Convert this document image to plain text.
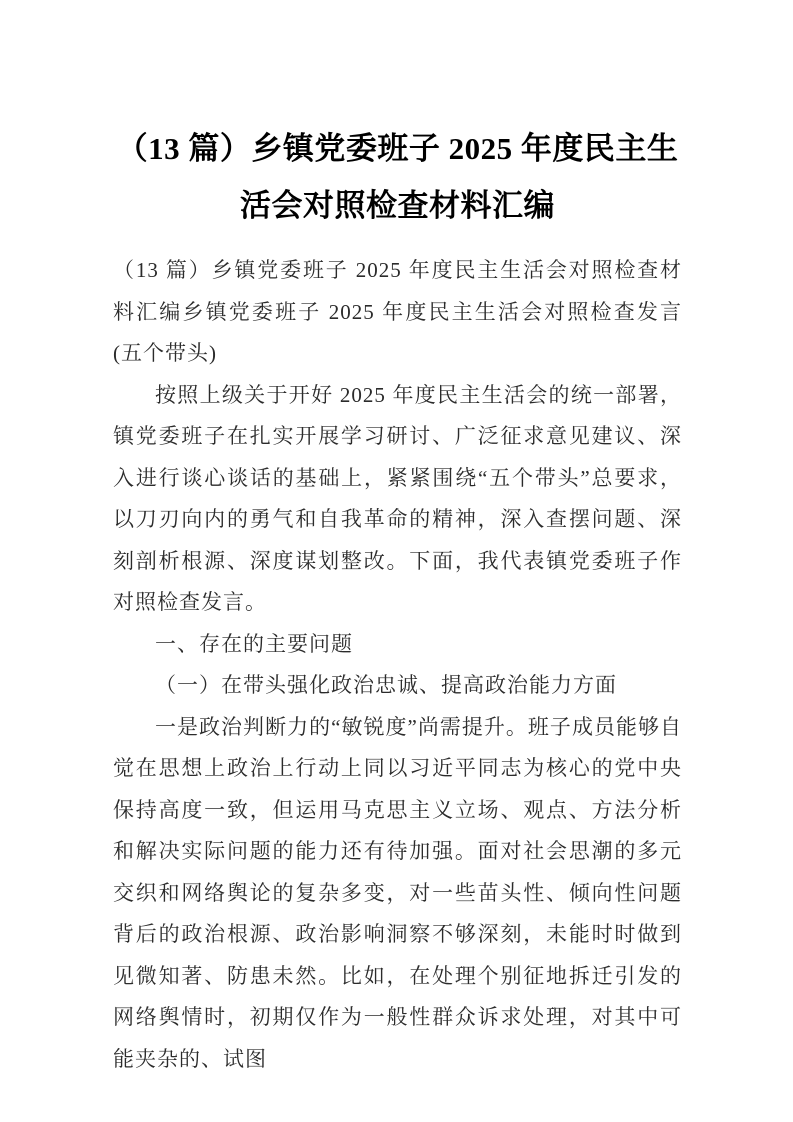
（13 篇）乡镇党委班子 2025 年度民主生活会对照检查材料汇编

（13 篇）乡镇党委班子 2025 年度民主生活会对照检查材料汇编乡镇党委班子 2025 年度民主生活会对照检查发言(五个带头)

按照上级关于开好 2025 年度民主生活会的统一部署，镇党委班子在扎实开展学习研讨、广泛征求意见建议、深入进行谈心谈话的基础上，紧紧围绕“五个带头”总要求，以刀刃向内的勇气和自我革命的精神，深入查摆问题、深刻剖析根源、深度谋划整改。下面，我代表镇党委班子作对照检查发言。

一、存在的主要问题

（一）在带头强化政治忠诚、提高政治能力方面

一是政治判断力的“敏锐度”尚需提升。班子成员能够自觉在思想上政治上行动上同以习近平同志为核心的党中央保持高度一致，但运用马克思主义立场、观点、方法分析和解决实际问题的能力还有待加强。面对社会思潮的多元交织和网络舆论的复杂多变，对一些苗头性、倾向性问题背后的政治根源、政治影响洞察不够深刻，未能时时做到见微知著、防患未然。比如，在处理个别征地拆迁引发的网络舆情时，初期仅作为一般性群众诉求处理，对其中可能夹杂的、试图
